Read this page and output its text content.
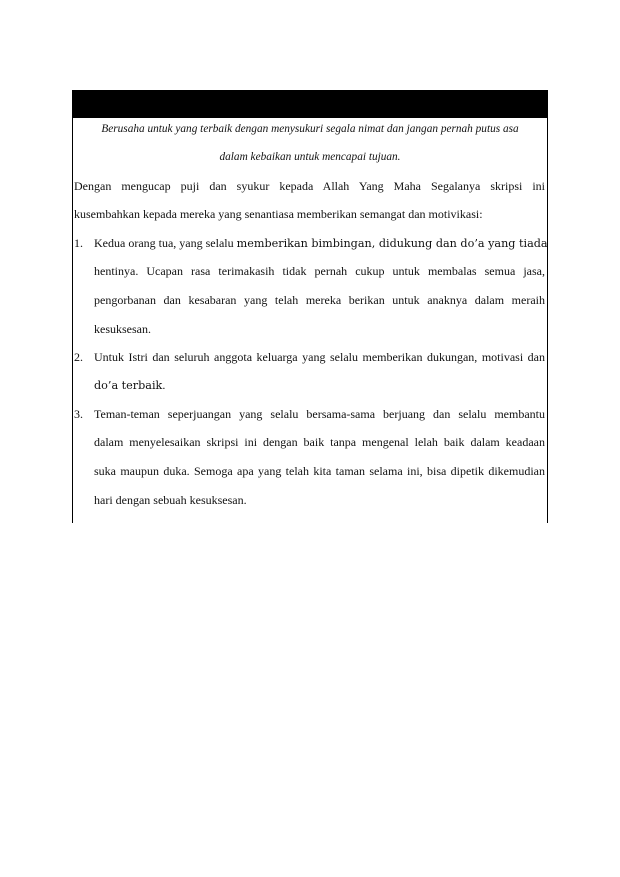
Berusaha untuk yang terbaik dengan menysukuri segala nimat dan jangan pernah putus asa
dalam kebaikan untuk mencapai tujuan.
Dengan mengucap puji dan syukur kepada Allah Yang Maha Segalanya skripsi ini
kusembahkan kepada mereka yang senantiasa memberikan semangat dan motivikasi:
1. Kedua orang tua, yang selalu memberikan bimbingan, didukung dan do’a yang tiada
hentinya. Ucapan rasa terimakasih tidak pernah cukup untuk membalas semua jasa,
pengorbanan dan kesabaran yang telah mereka berikan untuk anaknya dalam meraih
kesuksesan.
2. Untuk Istri dan seluruh anggota keluarga yang selalu memberikan dukungan, motivasi dan
do’a terbaik.
3. Teman-teman seperjuangan yang selalu bersama-sama berjuang dan selalu membantu
dalam menyelesaikan skripsi ini dengan baik tanpa mengenal lelah baik dalam keadaan
suka maupun duka. Semoga apa yang telah kita taman selama ini, bisa dipetik dikemudian
hari dengan sebuah kesuksesan.
